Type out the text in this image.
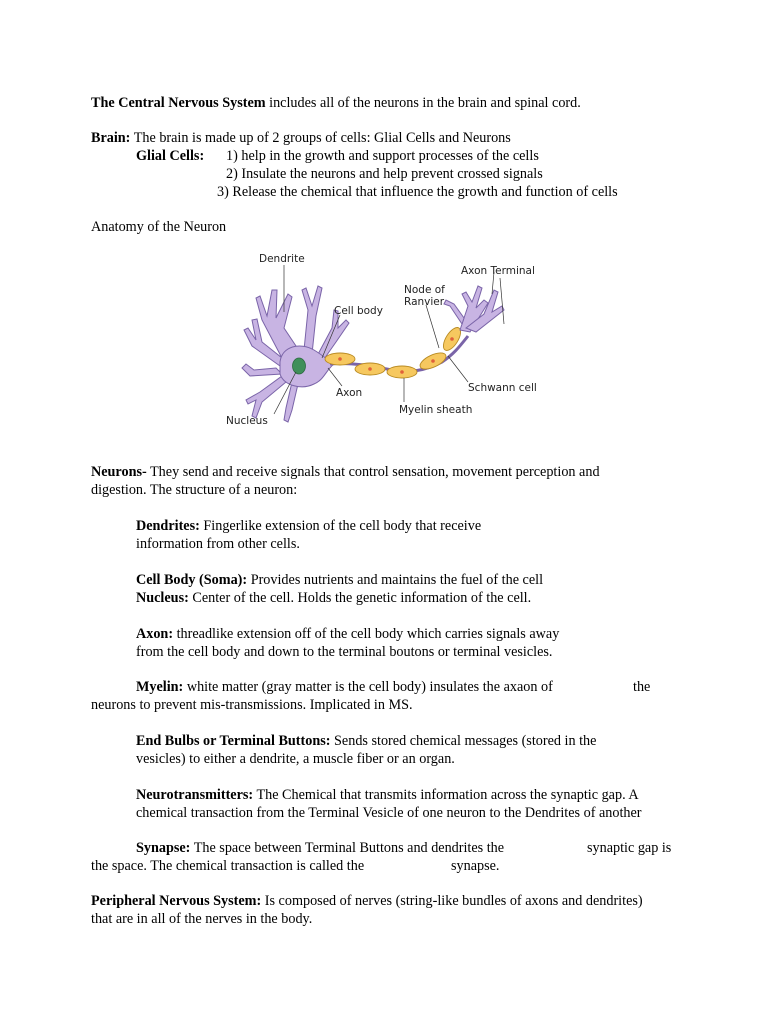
The Central Nervous System includes all of the neurons in the brain and spinal cord.
Brain: The brain is made up of 2 groups of cells: Glial Cells and Neurons
Glial Cells: 1) help in the growth and support processes of the cells
2) Insulate the neurons and help prevent crossed signals
3) Release the chemical that influence the growth and function of cells
Anatomy of the Neuron
Dendrite
Cell body
Nucleus
Axon
Node of
Ranvier
Axon Terminal
Schwann cell
Myelin sheath
Neurons- They send and receive signals that control sensation, movement perception and
digestion. The structure of a neuron:
Dendrites: Fingerlike extension of the cell body that receive
information from other cells.
Cell Body (Soma): Provides nutrients and maintains the fuel of the cell
Nucleus: Center of the cell. Holds the genetic information of the cell.
Axon: threadlike extension off of the cell body which carries signals away
from the cell body and down to the terminal boutons or terminal vesicles.
Myelin: white matter (gray matter is the cell body) insulates the axaon of	the
neurons to prevent mis-transmissions. Implicated in MS.
End Bulbs or Terminal Buttons: Sends stored chemical messages (stored in the
vesicles) to either a dendrite, a muscle fiber or an organ.
Neurotransmitters: The Chemical that transmits information across the synaptic gap. A
chemical transaction from the Terminal Vesicle of one neuron to the Dendrites of another
Synapse: The space between Terminal Buttons and dendrites the	synaptic gap is
the space. The chemical transaction is called the	synapse.
Peripheral Nervous System: Is composed of nerves (string-like bundles of axons and dendrites)
that are in all of the nerves in the body.
